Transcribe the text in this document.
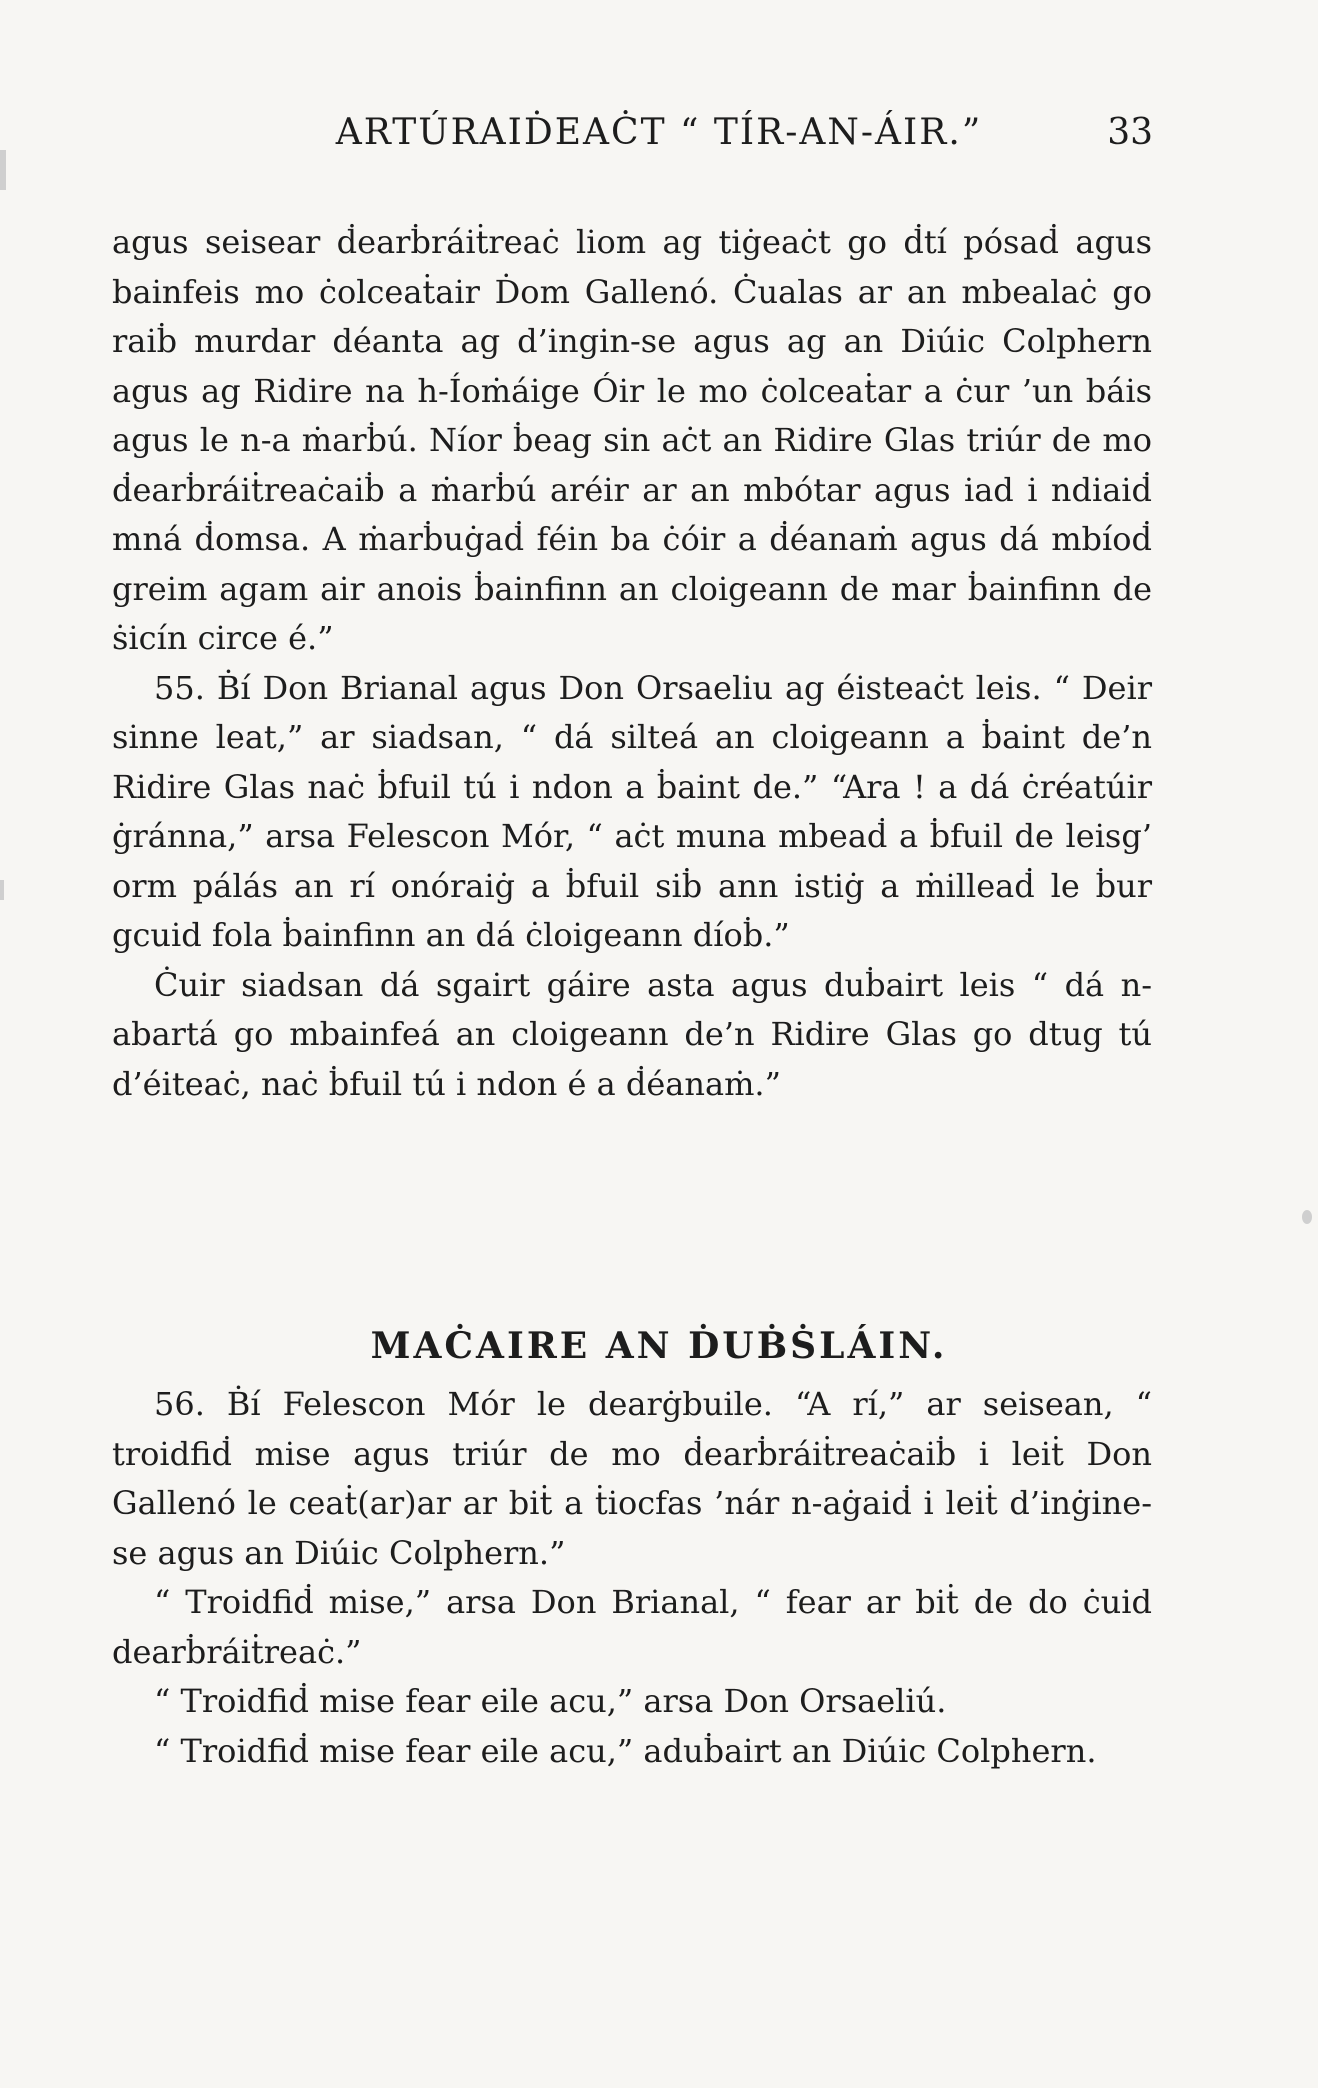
ARTÚRAIḊEAĊT “ TÍR-AN-ÁIR.”	33

agus seisear ḋearḃráiṫreaċ liom ag tiġeaċt go ḋtí pósaḋ agus bainfeis mo ċolceaṫair Ḋom Gallenó. Ċualas ar an mbealaċ go raiḃ murdar déanta ag d’ingin-se agus ag an Diúic Colphern agus ag Ridire na h-Íoṁáige Óir le mo ċolceaṫar a ċur ’un báis agus le n-a ṁarḃú. Níor ḃeag sin aċt an Ridire Glas triúr de mo ḋearḃráiṫreaċaiḃ a ṁarḃú aréir ar an mbótar agus iad i ndiaiḋ mná ḋomsa. A ṁarḃuġaḋ féin ba ċóir a ḋéanaṁ agus dá mbíoḋ greim agam air anois ḃainfinn an cloigeann de mar ḃainfinn de ṡicín circe é.”

55. Ḃí Don Brianal agus Don Orsaeliu ag éisteaċt leis. “ Deir sinne leat,” ar siadsan, “ dá silteá an cloigeann a ḃaint de’n Ridire Glas naċ ḃfuil tú i ndon a ḃaint de.” “Ara ! a dá ċréatúir ġránna,” arsa Felescon Mór, “ aċt muna mbeaḋ a ḃfuil de leisg’ orm pálás an rí onóraiġ a ḃfuil siḃ ann istiġ a ṁilleaḋ le ḃur gcuid fola ḃainfinn an dá ċloigeann díoḃ.”

Ċuir siadsan dá sgairt gáire asta agus duḃairt leis “ dá n-abartá go mbainfeá an cloigeann de’n Ridire Glas go dtug tú d’éiteaċ, naċ ḃfuil tú i ndon é a ḋéanaṁ.”

MAĊAIRE AN ḊUḂṠLÁIN.

56. Ḃí Felescon Mór le dearġbuile. “A rí,” ar seisean, “ troidfiḋ mise agus triúr de mo ḋearḃráiṫreaċaiḃ i leiṫ Don Gallenó le ceaṫ(ar)ar ar biṫ a ṫiocfas ’nár n-aġaiḋ i leiṫ d’inġine-se agus an Diúic Colphern.”

“ Troidfiḋ mise,” arsa Don Brianal, “ fear ar biṫ de do ċuid dearḃráiṫreaċ.”

“ Troidfiḋ mise fear eile acu,” arsa Don Orsaeliú.

“ Troidfiḋ mise fear eile acu,” aduḃairt an Diúic Colphern.
